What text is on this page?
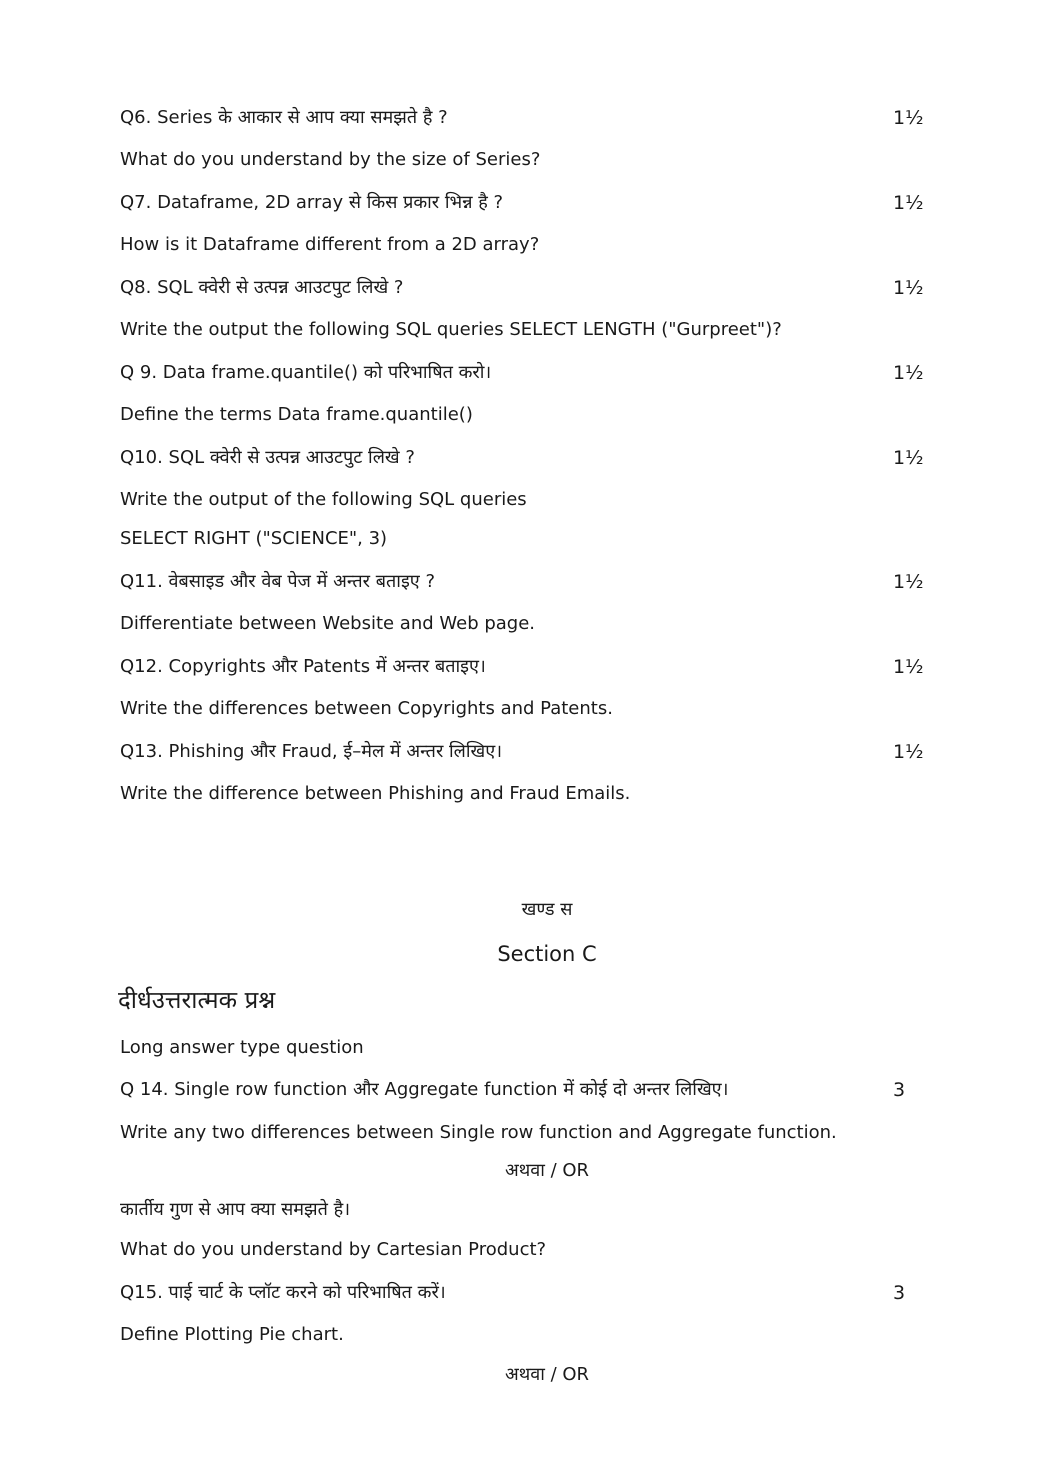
Q6. Series के आकार से आप क्या समझते है ?	1½
What do you understand by the size of Series?
Q7. Dataframe, 2D array से किस प्रकार भिन्न है ?	1½
How is it Dataframe different from a 2D array?
Q8. SQL क्वेरी से उत्पन्न आउटपुट लिखे ?	1½
Write the output the following SQL queries SELECT LENGTH ("Gurpreet")?
Q 9. Data frame.quantile() को परिभाषित करो।	1½
Define the terms Data frame.quantile()
Q10. SQL क्वेरी से उत्पन्न आउटपुट लिखे ?	1½
Write the output of the following SQL queries
SELECT RIGHT ("SCIENCE", 3)
Q11. वेबसाइड और वेब पेज में अन्तर बताइए ?	1½
Differentiate between Website and Web page.
Q12. Copyrights और Patents में अन्तर बताइए।	1½
Write the differences between Copyrights and Patents.
Q13. Phishing और Fraud, ई–मेल में अन्तर लिखिए।	1½
Write the difference between Phishing and Fraud Emails.
खण्ड स
Section C
दीर्धउत्तरात्मक प्रश्न
Long answer type question
Q 14. Single row function और Aggregate function में कोई दो अन्तर लिखिए।	3
Write any two differences between Single row function and Aggregate function.
अथवा / OR
कार्तीय गुण से आप क्या समझते है।
What do you understand by Cartesian Product?
Q15. पाई चार्ट के प्लॉट करने को परिभाषित करें।	3
Define Plotting Pie chart.
अथवा / OR
